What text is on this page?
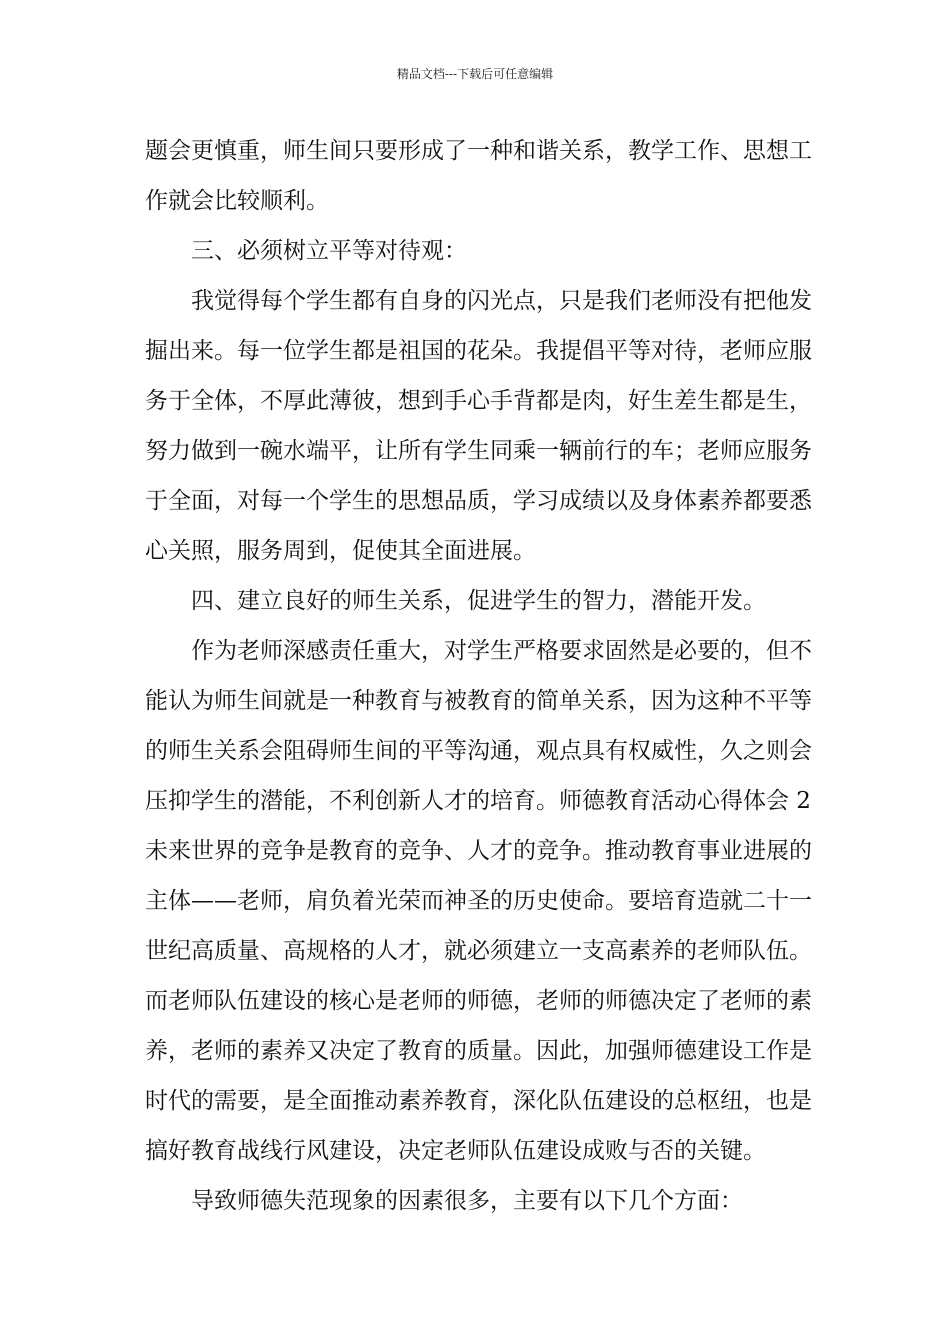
精品文档---下载后可任意编辑
题会更慎重，师生间只要形成了一种和谐关系，教学工作、思想工
作就会比较顺利。
三、必须树立平等对待观：
我觉得每个学生都有自身的闪光点，只是我们老师没有把他发
掘出来。每一位学生都是祖国的花朵。我提倡平等对待，老师应服
务于全体，不厚此薄彼，想到手心手背都是肉，好生差生都是生，
努力做到一碗水端平，让所有学生同乘一辆前行的车；老师应服务
于全面，对每一个学生的思想品质，学习成绩以及身体素养都要悉
心关照，服务周到，促使其全面进展。
四、建立良好的师生关系，促进学生的智力，潜能开发。
作为老师深感责任重大，对学生严格要求固然是必要的，但不
能认为师生间就是一种教育与被教育的简单关系，因为这种不平等
的师生关系会阻碍师生间的平等沟通，观点具有权威性，久之则会
压抑学生的潜能，不利创新人才的培育。师德教育活动心得体会 2
未来世界的竞争是教育的竞争、人才的竞争。推动教育事业进展的
主体——老师，肩负着光荣而神圣的历史使命。要培育造就二十一
世纪高质量、高规格的人才，就必须建立一支高素养的老师队伍。
而老师队伍建设的核心是老师的师德，老师的师德决定了老师的素
养，老师的素养又决定了教育的质量。因此，加强师德建设工作是
时代的需要，是全面推动素养教育，深化队伍建设的总枢纽，也是
搞好教育战线行风建设，决定老师队伍建设成败与否的关键。
导致师德失范现象的因素很多，主要有以下几个方面：
